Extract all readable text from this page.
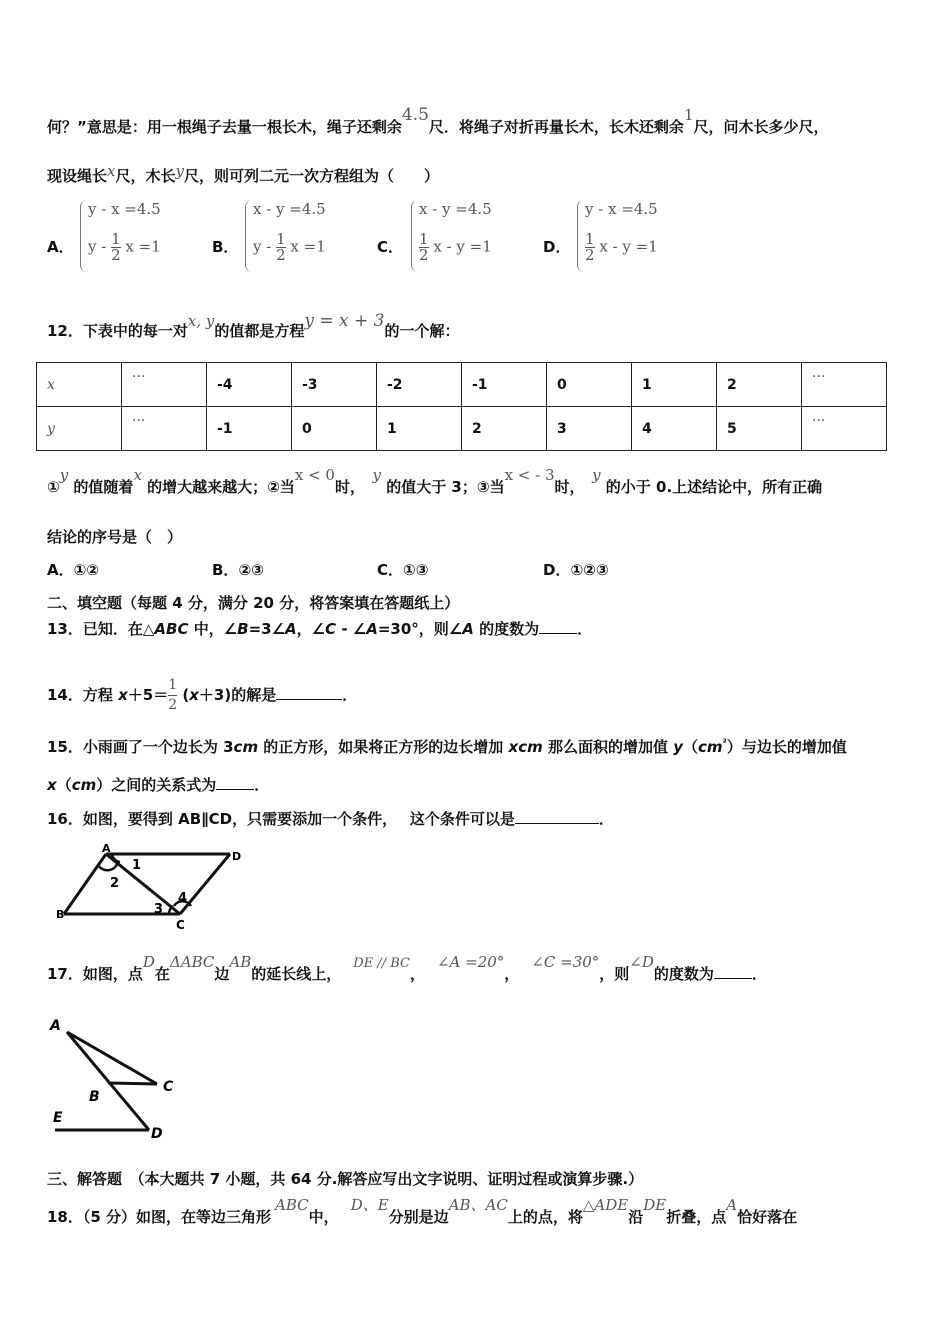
何？”意思是：用一根绳子去量一根长木，绳子还剩余4.5尺．将绳子对折再量长木，长木还剩余1尺，问木长多少尺，
现设绳长x尺，木长y尺，则可列二元一次方程组为（　　）
A．
y - x =4.5
y - $\frac{1}{2}$ x =1	B．
x - y =4.5
y - $\frac{1}{2}$ x =1	C．
x - y =4.5
$\frac{1}{2}$ x - y =1	D．
y - x =4.5
$\frac{1}{2}$ x - y =1
12．下表中的每一对x, y的值都是方程y = x + 3的一个解：
x	···	-4	-3	-2	-1	0	1	2	···
y	···	-1	0	1	2	3	4	5	···
①y 的值随着x 的增大越来越大；②当x < 0时，　y 的值大于 3；③当x < - 3时，　y 的小于 0.上述结论中，所有正确
结论的序号是（　）
A．①②	B．②③	C．①③	D．①②③
二、填空题（每题 4 分，满分 20 分，将答案填在答题纸上）
13．已知．在△ABC 中，∠B=3∠A，∠C - ∠A=30°，则∠A 的度数为	．
14．方程 $x+5= \frac{1}{2} (x+3)$的解是	．
15．小雨画了一个边长为 3cm 的正方形，如果将正方形的边长增加 xcm 那么面积的增加值 $y(cm^{^2})$与边长的增加值
x（cm）之间的关系式为	．
16．如图，要得到 AB∥CD，只需要添加一个条件，　 这个条件可以是	．
A
D
B
C
1
2
3
4
17．如图，点D在ΔABC边AB的延长线上，DE // BC，∠A =20°，∠C =30°，则∠D的度数为	．
A
C
B
E
D
三、解答题　（本大题共 7 小题，共 64 分.解答应写出文字说明、证明过程或演算步骤.）
18．（5 分）如图，在等边三角形ABC中，D、E分别是边AB、AC上的点，将△ADE沿DE折叠，点A恰好落在
